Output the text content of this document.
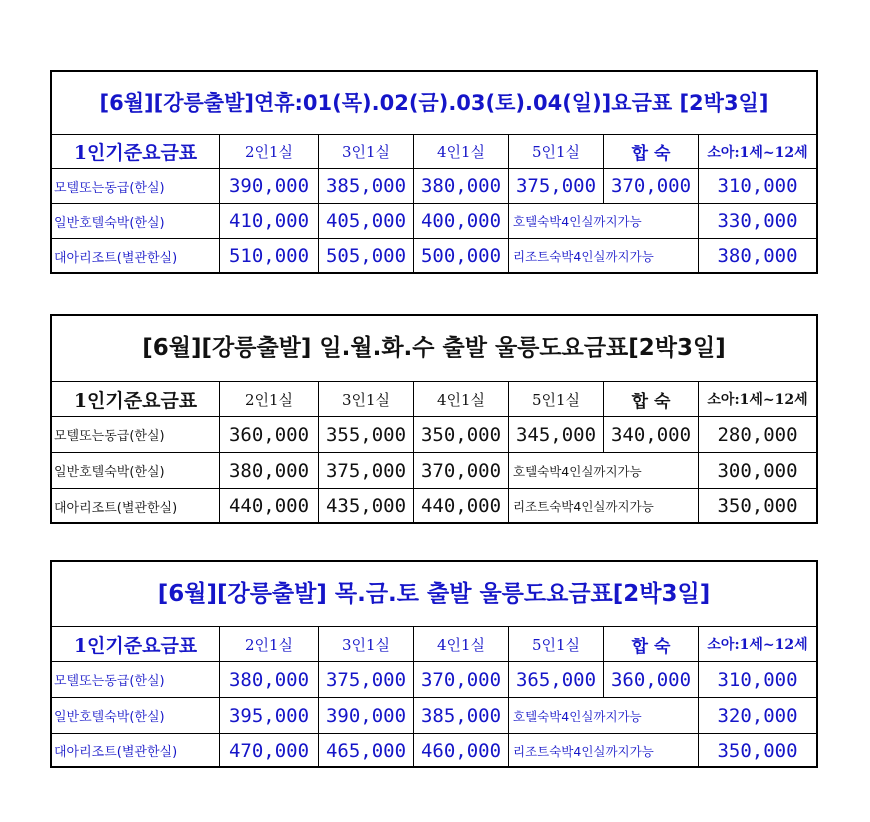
[6월][강릉출발]연휴:01(목).02(금).03(토).04(일)]요금표 [2박3일]
1인기준요금표	2인1실	3인1실	4인1실	5인1실	합 숙	소아:1세~12세
모텔또는동급(한실)	390,000 385,000 380,000 375,000 370,000	310,000
일반호텔숙박(한실)	410,000 405,000 400,000 호텔숙박4인실까지가능	330,000
대아리조트(별관한실)	510,000 505,000 500,000 리조트숙박4인실까지가능	380,000
[6월][강릉출발] 일.월.화.수 출발 울릉도요금표[2박3일]
1인기준요금표	2인1실	3인1실	4인1실	5인1실	합 숙	소아:1세~12세
모텔또는동급(한실)	360,000 355,000 350,000 345,000 340,000	280,000
일반호텔숙박(한실)	380,000 375,000 370,000 호텔숙박4인실까지가능	300,000
대아리조트(별관한실)	440,000 435,000 440,000 리조트숙박4인실까지가능	350,000
[6월][강릉출발] 목.금.토 출발 울릉도요금표[2박3일]
1인기준요금표	2인1실	3인1실	4인1실	5인1실	합 숙	소아:1세~12세
모텔또는동급(한실)	380,000 375,000 370,000 365,000 360,000	310,000
일반호텔숙박(한실)	395,000 390,000 385,000 호텔숙박4인실까지가능	320,000
대아리조트(별관한실)	470,000 465,000 460,000 리조트숙박4인실까지가능	350,000
